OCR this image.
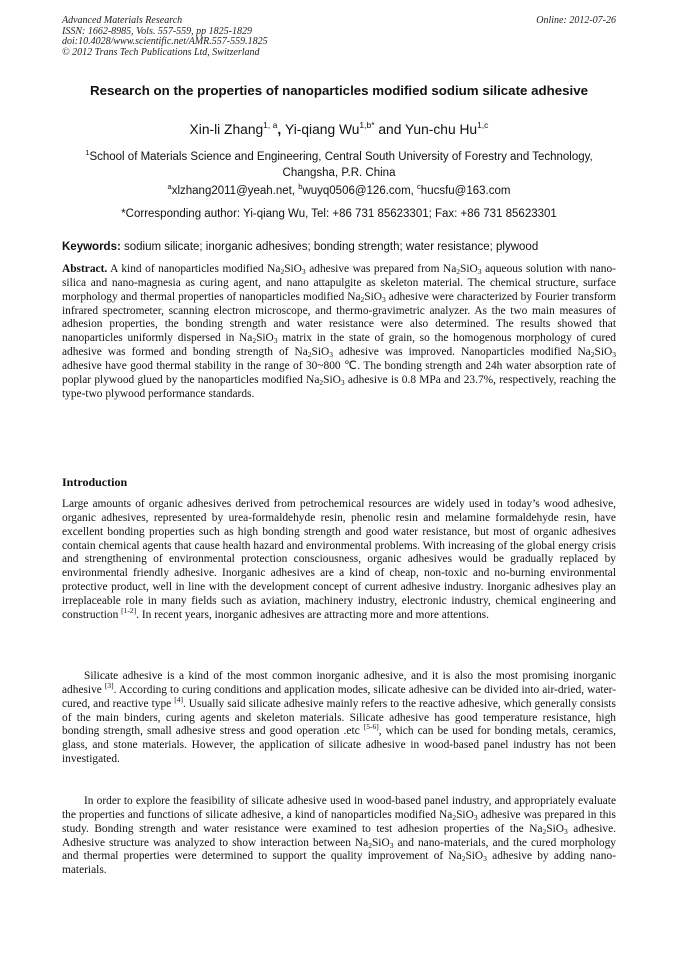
Advanced Materials Research
ISSN: 1662-8985, Vols. 557-559, pp 1825-1829
doi:10.4028/www.scientific.net/AMR.557-559.1825
© 2012 Trans Tech Publications Ltd, Switzerland
Online: 2012-07-26
Research on the properties of nanoparticles modified sodium silicate adhesive
Xin-li Zhang$^{1, a}$, Yi-qiang $Wu^{1,b*}$ and Yun-chu Hu$^{1,c}$
$^1$School of Materials Science and Engineering, Central South University of Forestry and Technology, Changsha, P.R. China
$^a$xlzhang2011@yeah.net, $^b$wuyq0506@126.com, $^c$hucsfu@163.com
*Corresponding author: Yi-qiang Wu, Tel: +86 731 85623301; Fax: +86 731 85623301
Keywords: sodium silicate; inorganic adhesives; bonding strength; water resistance; plywood
Abstract. A kind of nanoparticles modified $Na_2SiO_3$ adhesive was prepared from $Na_2SiO_3$ aqueous solution with nano-silica and nano-magnesia as curing agent, and nano attapulgite as skeleton material. The chemical structure, surface morphology and thermal properties of nanoparticles modified $Na_2SiO_3$ adhesive were characterized by Fourier transform infrared spectrometer, scanning electron microscope, and thermo-gravimetric analyzer. As the two main measures of adhesion properties, the bonding strength and water resistance were also determined. The results showed that nanoparticles uniformly dispersed in $Na_2SiO_3$ matrix in the state of grain, so the homogenous morphology of cured adhesive was formed and bonding strength of $Na_2SiO_3$ adhesive was improved. Nanoparticles modified $Na_2SiO_3$ adhesive have good thermal stability in the range of 30~800 ℃. The bonding strength and 24h water absorption rate of poplar plywood glued by the nanoparticles modified $Na_2SiO_3$ adhesive is 0.8 MPa and 23.7%, respectively, reaching the type-two plywood performance standards.
Introduction
Large amounts of organic adhesives derived from petrochemical resources are widely used in today’s wood adhesive, organic adhesives, represented by urea-formaldehyde resin, phenolic resin and melamine formaldehyde resin, have excellent bonding properties such as high bonding strength and good water resistance, but most of organic adhesives contain chemical agents that cause health hazard and environmental problems. With increasing of the global energy crisis and strengthening of environmental protection consciousness, organic adhesives would be gradually replaced by environmental friendly adhesive. Inorganic adhesives are a kind of cheap, non-toxic and no-burning environmental protective product, well in line with the development concept of current adhesive industry. Inorganic adhesives play an irreplaceable role in many fields such as aviation, machinery industry, electronic industry, chemical engineering and construction [1-2]. In recent years, inorganic adhesives are attracting more and more attentions.
Silicate adhesive is a kind of the most common inorganic adhesive, and it is also the most promising inorganic adhesive [3]. According to curing conditions and application modes, silicate adhesive can be divided into air-dried, water-cured, and reactive type [4]. Usually said silicate adhesive mainly refers to the reactive adhesive, which generally consists of the main binders, curing agents and skeleton materials. Silicate adhesive has good temperature resistance, high bonding strength, small adhesive stress and good operation .etc [5-6], which can be used for bonding metals, ceramics, glass, and stone materials. However, the application of silicate adhesive in wood-based panel industry has not been investigated.
In order to explore the feasibility of silicate adhesive used in wood-based panel industry, and appropriately evaluate the properties and functions of silicate adhesive, a kind of nanoparticles modified $Na_2SiO_3$ adhesive was prepared in this study. Bonding strength and water resistance were examined to test adhesion properties of the $Na_2SiO_3$ adhesive. Adhesive structure was analyzed to show interaction between $Na_2SiO_3$ and nano-materials, and the cured morphology and thermal properties were determined to support the quality improvement of $Na_2SiO_3$ adhesive by adding nano-materials.
